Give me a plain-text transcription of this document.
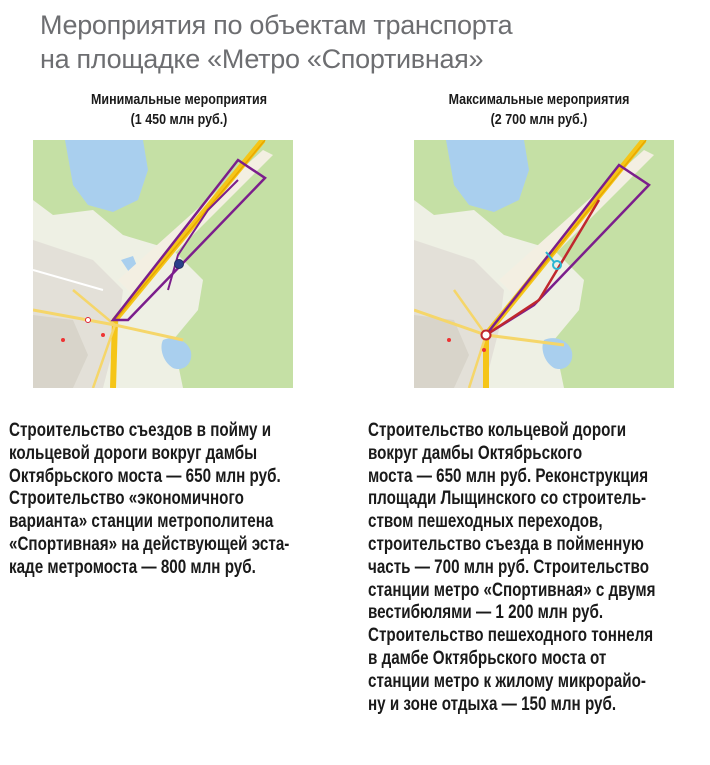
Мероприятия по объектам транспорта
на площадке «Метро «Спортивная»
Минимальные мероприятия
(1 450 млн руб.)
Максимальные мероприятия
(2 700 млн руб.)
Строительство съездов в пойму и
кольцевой дороги вокруг дамбы
Октябрьского моста — 650 млн руб.
Строительство «экономичного
варианта» станции метрополитена
«Спортивная» на действующей эста-
каде метромоста — 800 млн руб.
Строительство кольцевой дороги
вокруг дамбы Октябрьского
моста — 650 млн руб. Реконструкция
площади Лыщинского со строитель-
ством пешеходных переходов,
строительство съезда в пойменную
часть — 700 млн руб. Строительство
станции метро «Спортивная» с двумя
вестибюлями — 1 200 млн руб.
Строительство пешеходного тоннеля
в дамбе Октябрьского моста от
станции метро к жилому микрорайо-
ну и зоне отдыха — 150 млн руб.
